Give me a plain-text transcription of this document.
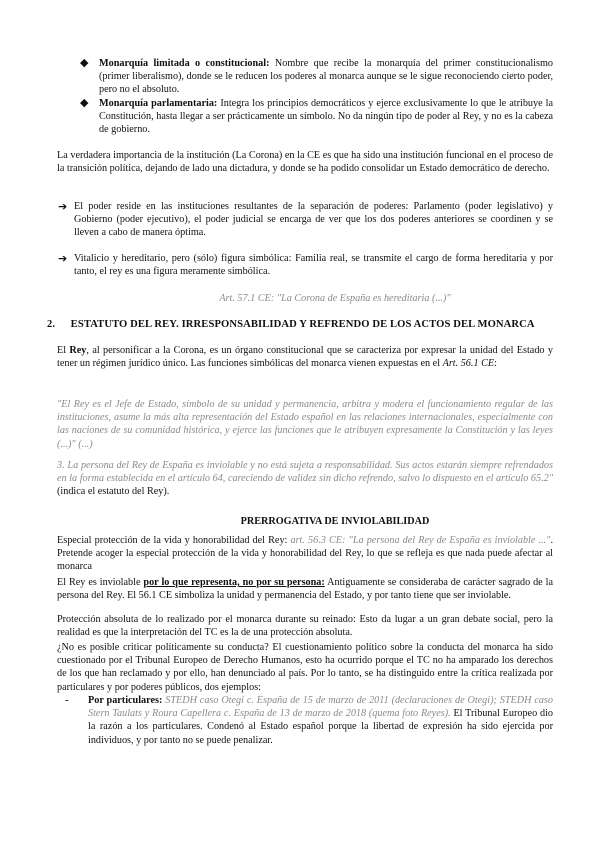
◆ Monarquía limitada o constitucional: Nombre que recibe la monarquía del primer constitucionalismo (primer liberalismo), donde se le reducen los poderes al monarca aunque se le sigue reconociendo cierto poder, pero no el absoluto.
◆ Monarquía parlamentaria: Integra los principios democráticos y ejerce exclusivamente lo que le atribuye la Constitución, hasta llegar a ser prácticamente un símbolo. No da ningún tipo de poder al Rey, y no es la cabeza de gobierno.
La verdadera importancia de la institución (La Corona) en la CE es que ha sido una institución funcional en el proceso de la transición política, dejando de lado una dictadura, y donde se ha podido consolidar un Estado democrático de derecho.
➔ El poder reside en las instituciones resultantes de la separación de poderes: Parlamento (poder legislativo) y Gobierno (poder ejecutivo), el poder judicial se encarga de ver que los dos poderes anteriores se coordinen y se lleven a cabo de manera óptima.
➔ Vitalicio y hereditario, pero (sólo) figura simbólica: Familia real, se transmite el cargo de forma hereditaria y por tanto, el rey es una figura meramente simbólica.
Art. 57.1 CE: "La Corona de España es hereditaria (...)"
2. ESTATUTO DEL REY. IRRESPONSABILIDAD Y REFRENDO DE LOS ACTOS DEL MONARCA
El Rey, al personificar a la Corona, es un órgano constitucional que se caracteriza por expresar la unidad del Estado y tener un régimen jurídico único. Las funciones simbólicas del monarca vienen expuestas en el Art. 56.1 CE:
"El Rey es el Jefe de Estado, símbolo de su unidad y permanencia, arbitra y modera el funcionamiento regular de las instituciones, asume la más alta representación del Estado español en las relaciones internacionales, especialmente con las naciones de su comunidad histórica, y ejerce las funciones que le atribuyen expresamente la Constitución y las leyes (...)" (...)
3. La persona del Rey de España es inviolable y no está sujeta a responsabilidad. Sus actos estarán siempre refrendados en la forma establecida en el artículo 64, careciendo de validez sin dicho refrendo, salvo lo dispuesto en el artículo 65.2" (indica el estatuto del Rey).
PRERROGATIVA DE INVIOLABILIDAD
Especial protección de la vida y honorabilidad del Rey: art. 56.3 CE: "La persona del Rey de España es inviolable ...". Pretende acoger la especial protección de la vida y honorabilidad del Rey, lo que se refleja es que nada puede afectar al monarca
El Rey es inviolable por lo que representa, no por su persona: Antiguamente se consideraba de carácter sagrado de la persona del Rey. El 56.1 CE simboliza la unidad y permanencia del Estado, y por tanto tiene que ser inviolable.
Protección absoluta de lo realizado por el monarca durante su reinado: Esto da lugar a un gran debate social, pero la realidad es que la interpretación del TC es la de una protección absoluta.
¿No es posible criticar políticamente su conducta? El cuestionamiento político sobre la conducta del monarca ha sido cuestionado por el Tribunal Europeo de Derecho Humanos, esto ha ocurrido porque el TC no ha amparado los derechos de los que han reclamado y por ello, han denunciado al país. Por lo tanto, se ha distinguido entre la crítica realizada por particulares y por poderes públicos, dos ejemplos:
- Por particulares: STEDH caso Otegi c. España de 15 de marzo de 2011 (declaraciones de Otegi); STEDH caso Stern Taulats y Roura Capellera c. España de 13 de marzo de 2018 (quema foto Reyes). El Tribunal Europeo dio la razón a los particulares. Condenó al Estado español porque la libertad de expresión ha sido ejercida por individuos, y por tanto no se puede penalizar.
